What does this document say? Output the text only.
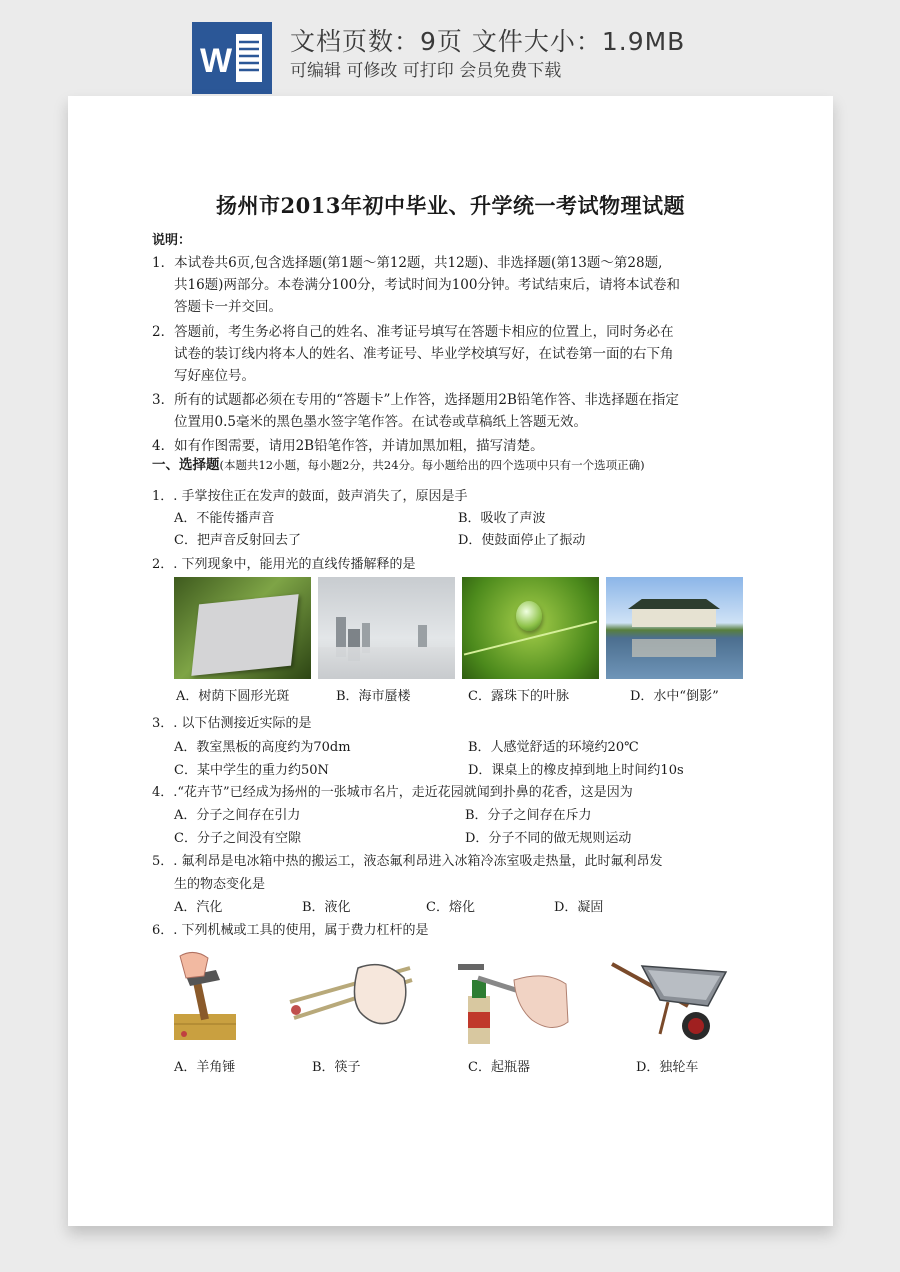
W
文档页数：9页 文件大小：1.9MB
可编辑 可修改 可打印 会员免费下载
扬州市2013年初中毕业、升学统一考试物理试题
说明：
1．本试卷共6页,包含选择题(第1题～第12题，共12题)、非选择题(第13题～第28题,
共16题)两部分。本卷满分100分，考试时间为100分钟。考试结束后，请将本试卷和
答题卡一并交回。
2．答题前，考生务必将自己的姓名、准考证号填写在答题卡相应的位置上，同时务必在
试卷的装订线内将本人的姓名、准考证号、毕业学校填写好，在试卷第一面的右下角
写好座位号。
3．所有的试题都必须在专用的“答题卡”上作答，选择题用2B铅笔作答、非选择题在指定
位置用0.5毫米的黑色墨水签字笔作答。在试卷或草稿纸上答题无效。
4．如有作图需要，请用2B铅笔作答，并请加黑加粗，描写清楚。
一、选择题(本题共12小题，每小题2分，共24分。每小题给出的四个选项中只有一个选项正确)
1．. 手掌按住正在发声的鼓面，鼓声消失了，原因是手
A．不能传播声音	B．吸收了声波
C．把声音反射回去了	D．使鼓面停止了振动
2．. 下列现象中，能用光的直线传播解释的是
A．树荫下圆形光斑	B．海市蜃楼	C．露珠下的叶脉	D．水中“倒影”
3．. 以下估测接近实际的是
A．教室黑板的高度约为70dm	B．人感觉舒适的环境约20℃
C．某中学生的重力约50N	D．课桌上的橡皮掉到地上时间约10s
4．.“花卉节”已经成为扬州的一张城市名片，走近花园就闻到扑鼻的花香，这是因为
A．分子之间存在引力	B．分子之间存在斥力
C．分子之间没有空隙	D．分子不同的做无规则运动
5．. 氟利昂是电冰箱中热的搬运工，液态氟利昂进入冰箱冷冻室吸走热量，此时氟利昂发
生的物态变化是
A．汽化	B．液化	C．熔化	D．凝固
6．. 下列机械或工具的使用，属于费力杠杆的是
A．羊角锤	B．筷子	C．起瓶器	D．独轮车
